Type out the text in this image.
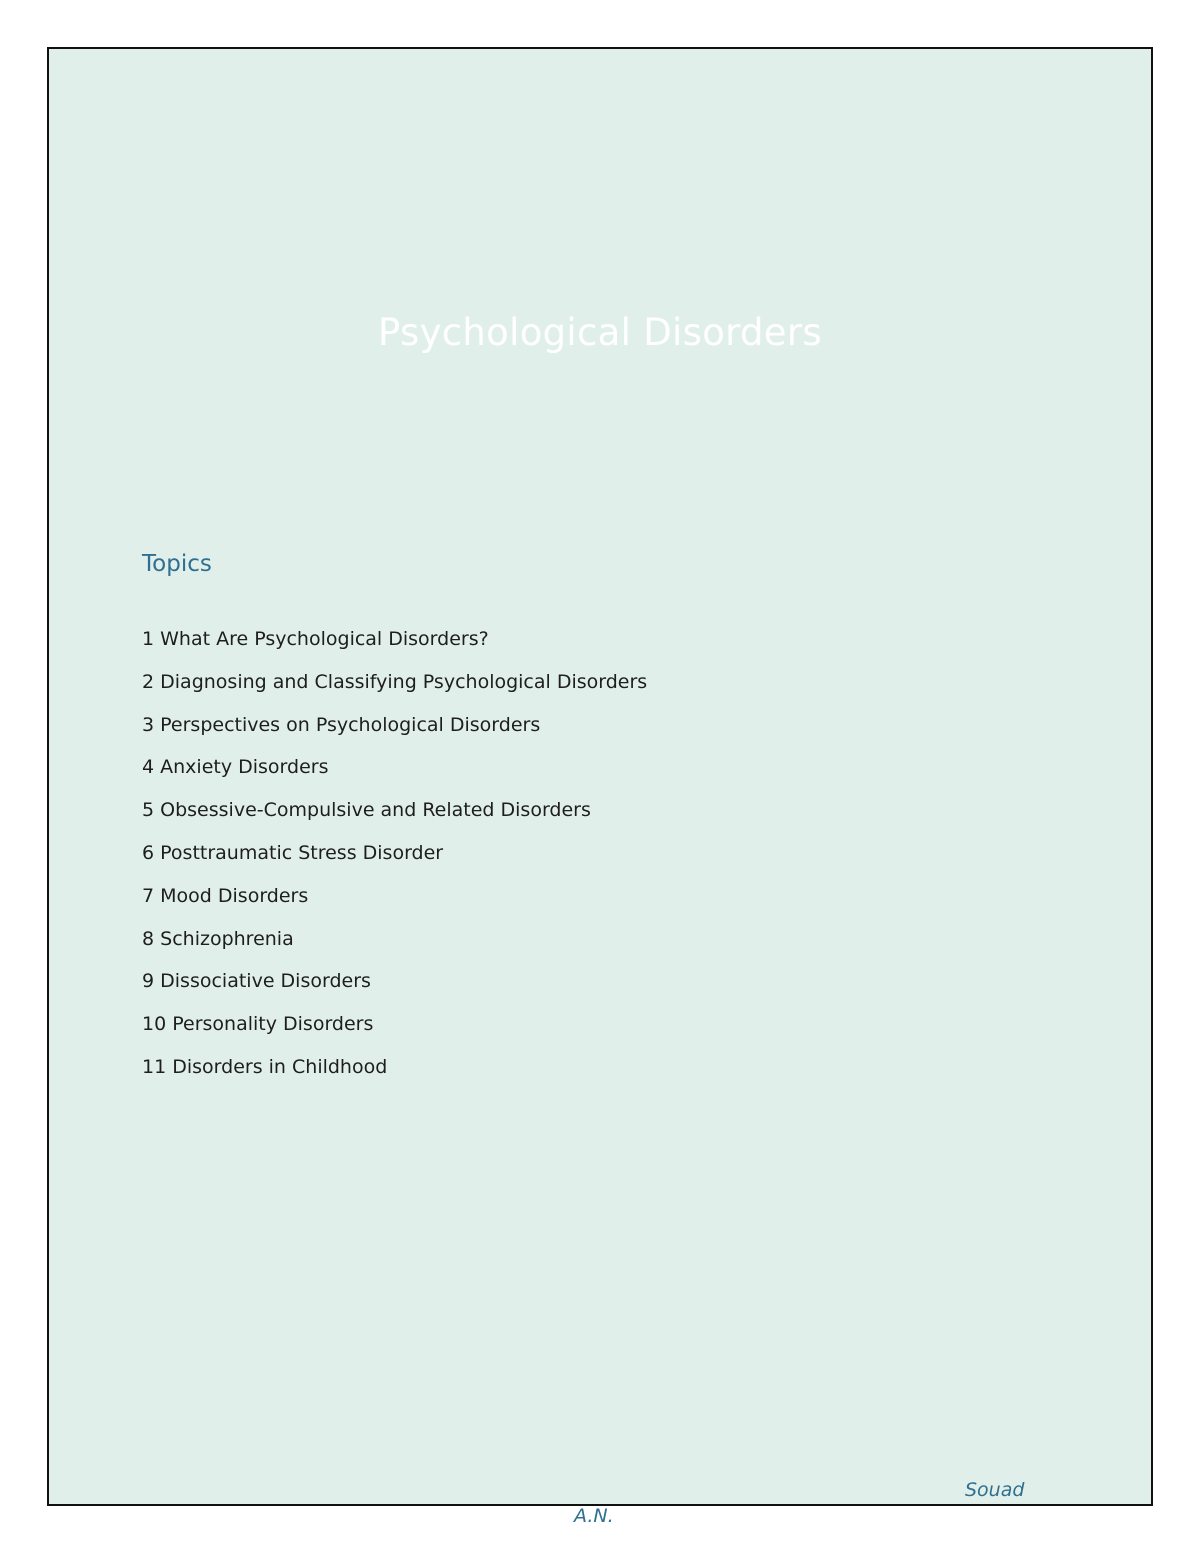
Psychological Disorders
Topics
1 What Are Psychological Disorders?
2 Diagnosing and Classifying Psychological Disorders
3 Perspectives on Psychological Disorders
4 Anxiety Disorders
5 Obsessive-Compulsive and Related Disorders
6 Posttraumatic Stress Disorder
7 Mood Disorders
8 Schizophrenia
9 Dissociative Disorders
10 Personality Disorders
11 Disorders in Childhood
Souad
A.N.
